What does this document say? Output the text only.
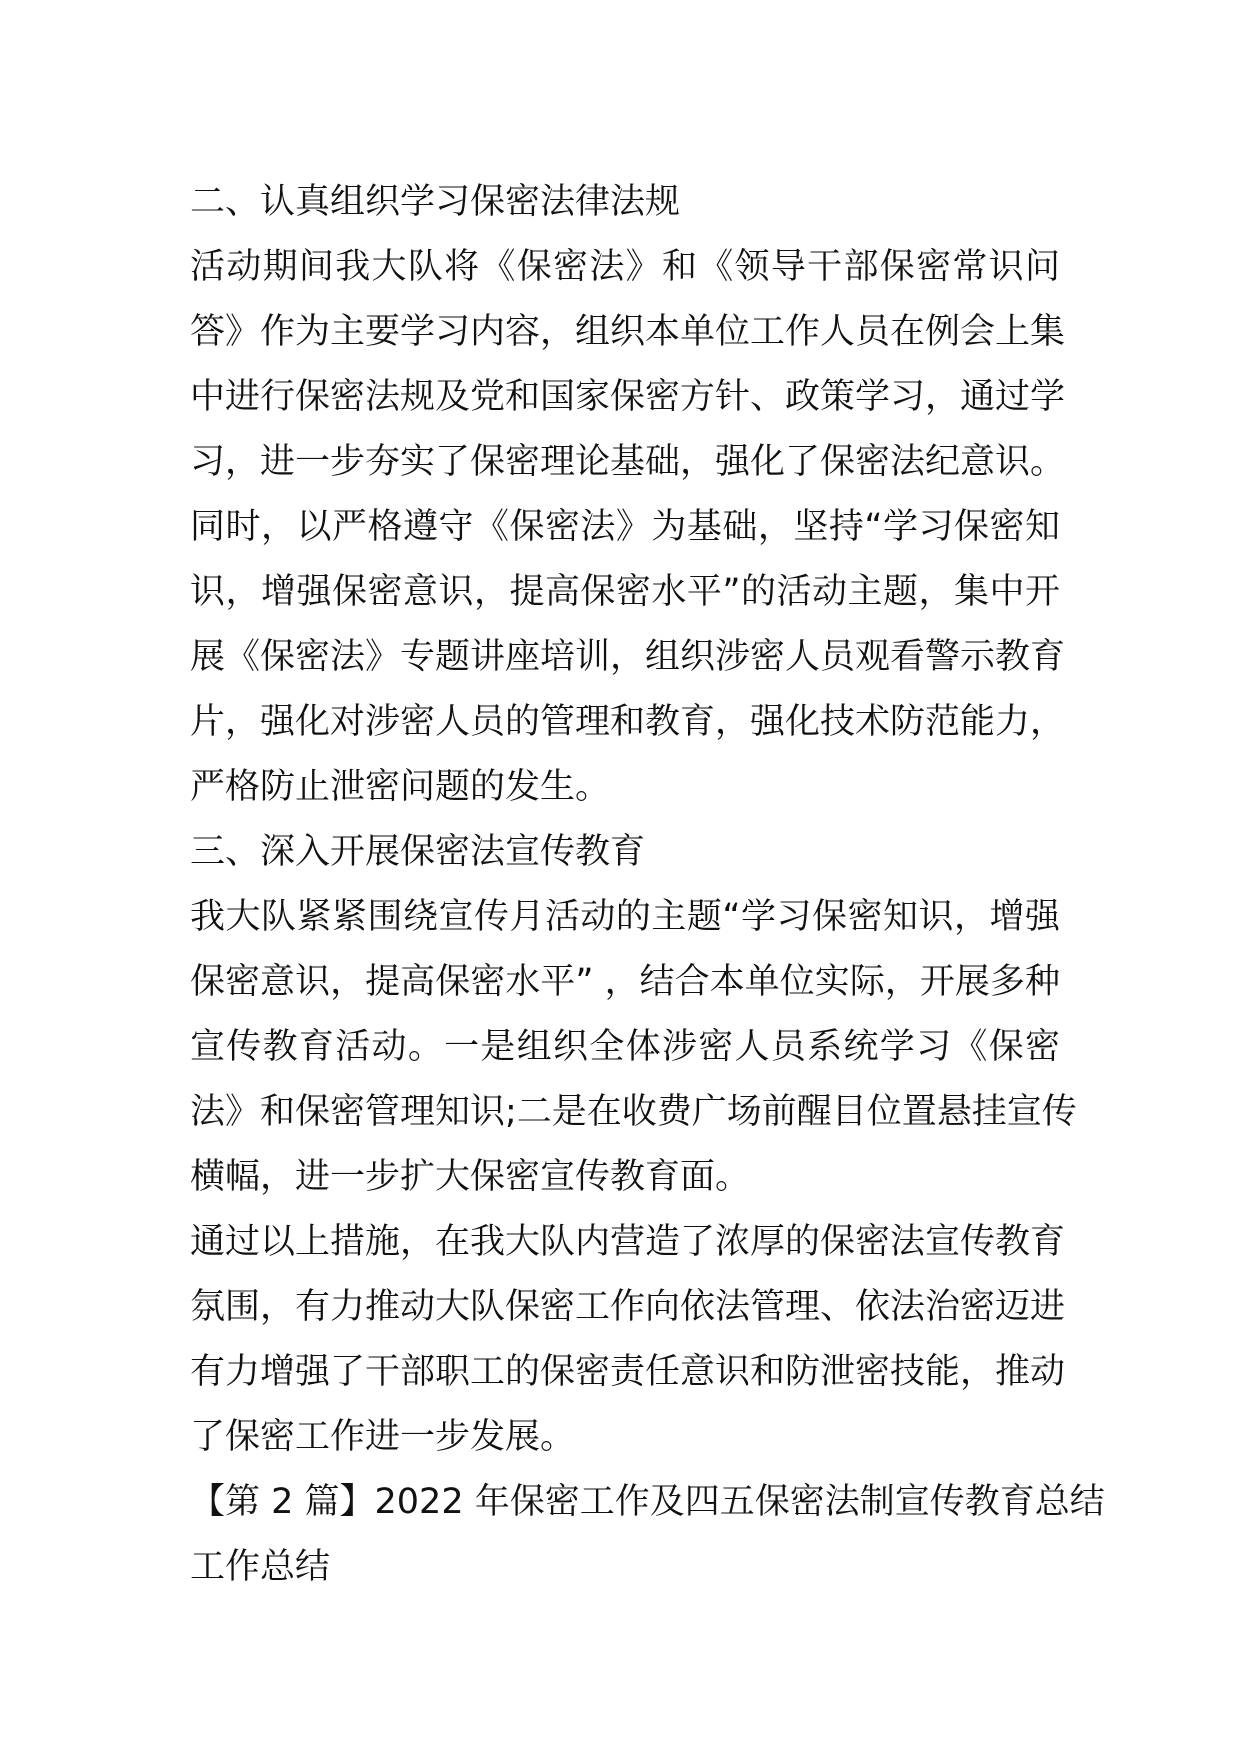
二、认真组织学习保密法律法规
活动期间我大队将《保密法》和《领导干部保密常识问
答》作为主要学习内容，组织本单位工作人员在例会上集
中进行保密法规及党和国家保密方针、政策学习，通过学
习，进一步夯实了保密理论基础，强化了保密法纪意识。
同时，以严格遵守《保密法》为基础，坚持“学习保密知
识，增强保密意识，提高保密水平”的活动主题，集中开
展《保密法》专题讲座培训，组织涉密人员观看警示教育
片，强化对涉密人员的管理和教育，强化技术防范能力，
严格防止泄密问题的发生。
三、深入开展保密法宣传教育
我大队紧紧围绕宣传月活动的主题“学习保密知识，增强
保密意识，提高保密水平” ，结合本单位实际，开展多种
宣传教育活动。一是组织全体涉密人员系统学习《保密
法》和保密管理知识;二是在收费广场前醒目位置悬挂宣传
横幅，进一步扩大保密宣传教育面。
通过以上措施，在我大队内营造了浓厚的保密法宣传教育
氛围，有力推动大队保密工作向依法管理、依法治密迈进
有力增强了干部职工的保密责任意识和防泄密技能，推动
了保密工作进一步发展。
【第 2 篇】2022 年保密工作及四五保密法制宣传教育总结
工作总结
